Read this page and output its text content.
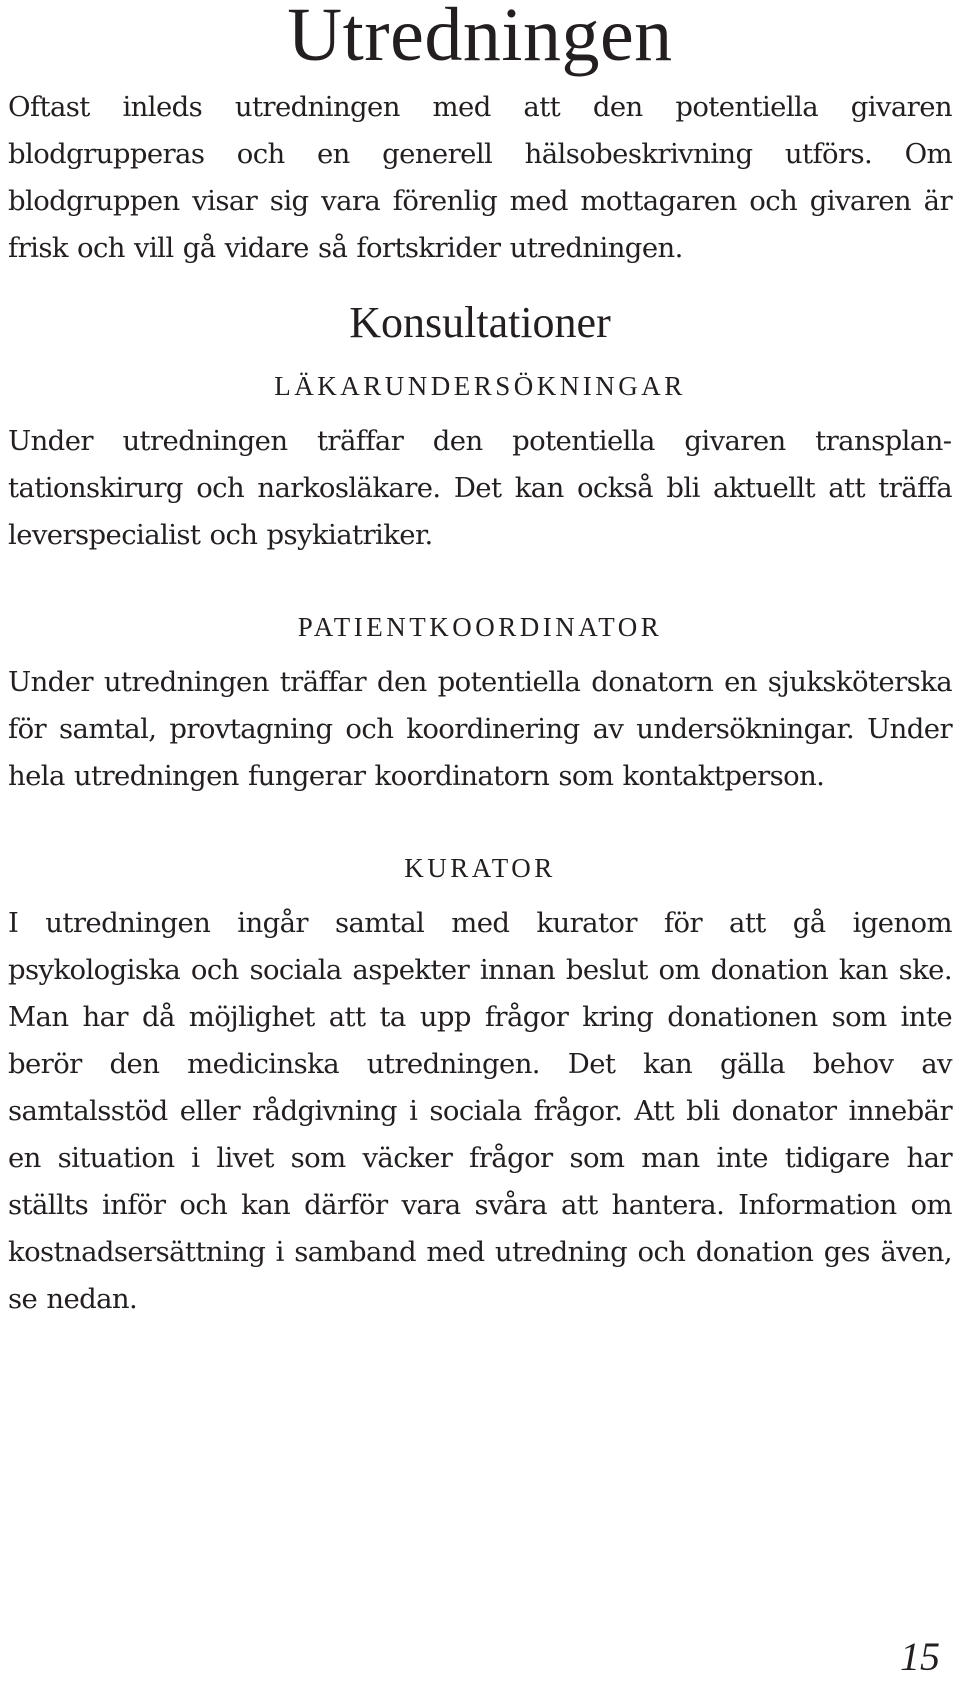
Utredningen

Oftast inleds utredningen med att den potentiella givaren blodgrupperas och en generell hälsobeskrivning utförs. Om blodgruppen visar sig vara förenlig med mottagaren och givaren är frisk och vill gå vidare så fortskrider utredningen.

Konsultationer
LÄKARUNDERSÖKNINGAR

Under utredningen träffar den potentiella givaren transplantationskirurg och narkosläkare. Det kan också bli aktuellt att träffa leverspecialist och psykiatriker.

PATIENTKOORDINATOR

Under utredningen träffar den potentiella donatorn en sjuksköterska för samtal, provtagning och koordinering av undersökningar. Under hela utredningen fungerar koordinatorn som kontaktperson.

KURATOR

I utredningen ingår samtal med kurator för att gå igenom psykologiska och sociala aspekter innan beslut om donation kan ske. Man har då möjlighet att ta upp frågor kring donationen som inte berör den medicinska utredningen. Det kan gälla behov av samtalsstöd eller rådgivning i sociala frågor. Att bli donator innebär en situation i livet som väcker frågor som man inte tidigare har ställts inför och kan därför vara svåra att hantera. Information om kostnadsersättning i samband med utredning och donation ges även, se nedan.

15
